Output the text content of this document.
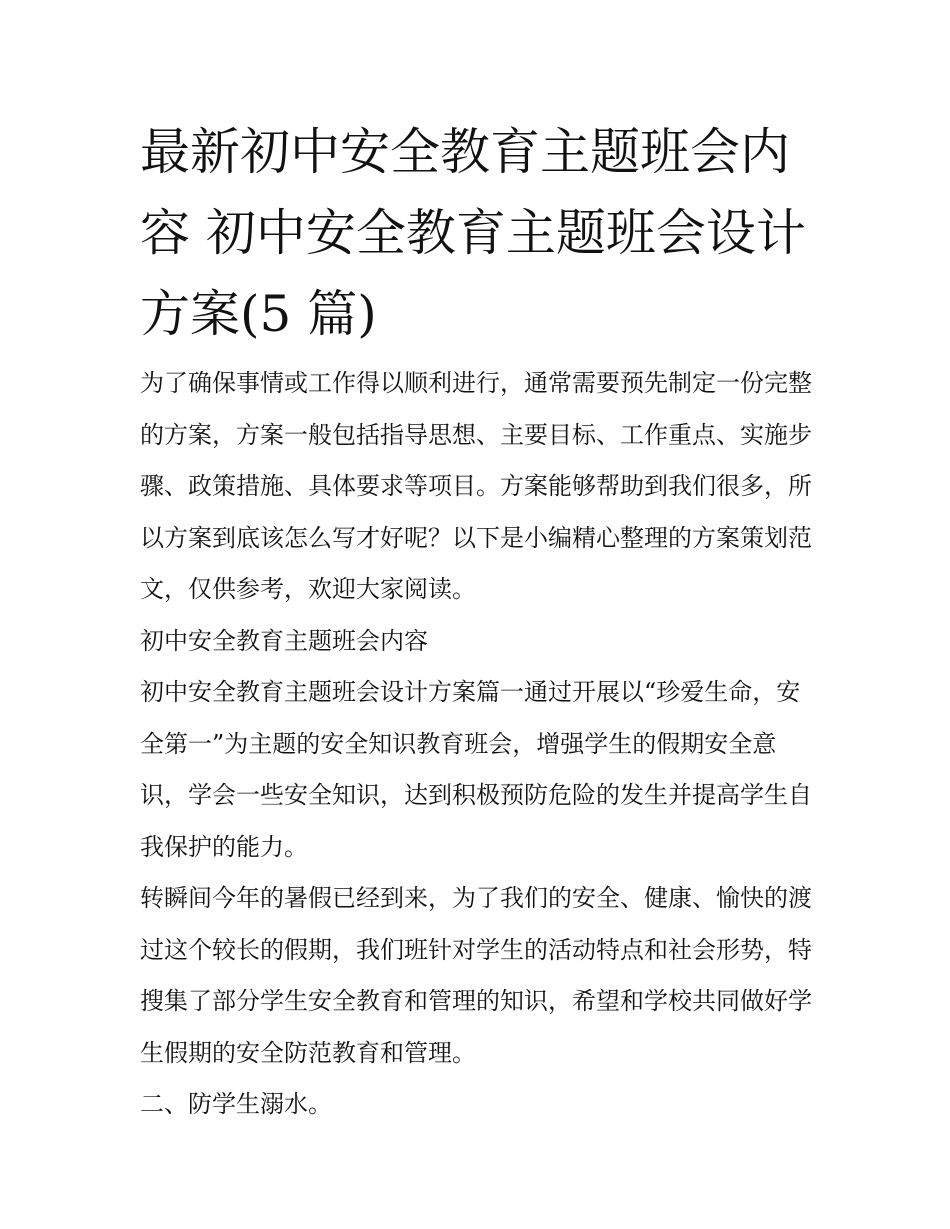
最新初中安全教育主题班会内
容 初中安全教育主题班会设计
方案(5 篇)

为了确保事情或工作得以顺利进行，通常需要预先制定一份完整的方案，方案一般包括指导思想、主要目标、工作重点、实施步骤、政策措施、具体要求等项目。方案能够帮助到我们很多，所以方案到底该怎么写才好呢？以下是小编精心整理的方案策划范文，仅供参考，欢迎大家阅读。

初中安全教育主题班会内容

初中安全教育主题班会设计方案篇一通过开展以“珍爱生命，安全第一”为主题的安全知识教育班会，增强学生的假期安全意识，学会一些安全知识，达到积极预防危险的发生并提高学生自我保护的能力。

转瞬间今年的暑假已经到来，为了我们的安全、健康、愉快的渡过这个较长的假期，我们班针对学生的活动特点和社会形势，特搜集了部分学生安全教育和管理的知识，希望和学校共同做好学生假期的安全防范教育和管理。

二、防学生溺水。
